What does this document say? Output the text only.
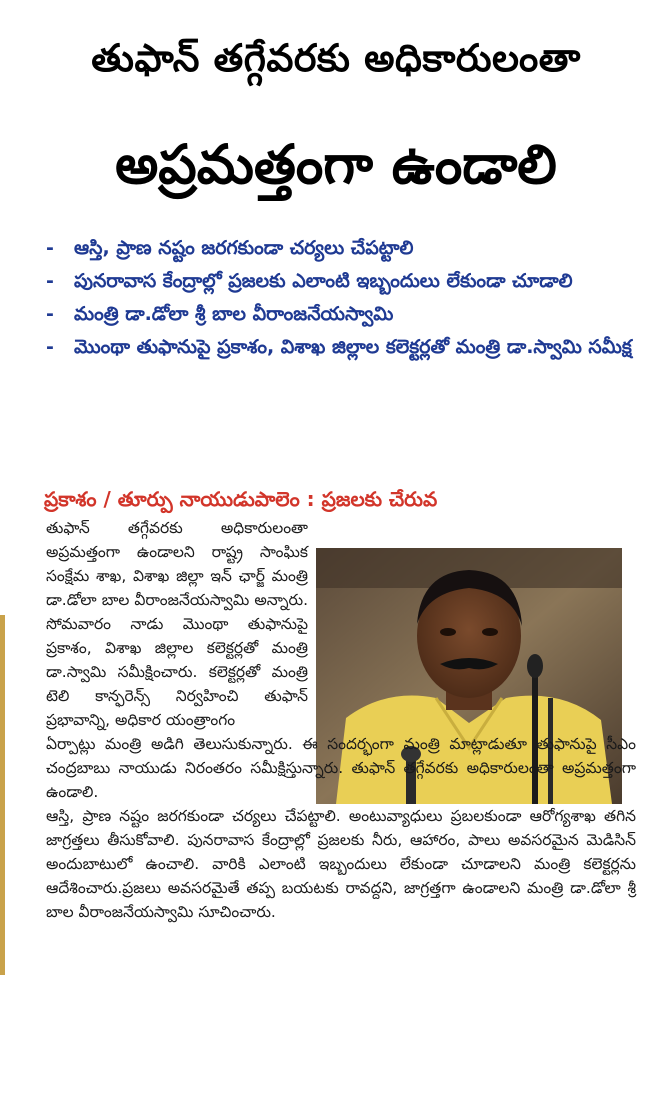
తుఫాన్ తగ్గేవరకు అధికారులంతా
అప్రమత్తంగా ఉండాలి
- ఆస్తి, ప్రాణ నష్టం జరగకుండా చర్యలు చేపట్టాలి
- పునరావాస కేంద్రాల్లో ప్రజలకు ఎలాంటి ఇబ్బందులు లేకుండా చూడాలి
- మంత్రి డా.డోలా శ్రీ బాల వీరాంజనేయస్వామి
- మొంథా తుఫానుపై ప్రకాశం, విశాఖ జిల్లాల కలెక్టర్లతో మంత్రి డా.స్వామి సమీక్ష
ప్రకాశం / తూర్పు నాయుడుపాలెం : ప్రజలకు చేరువ

తుఫాన్ తగ్గేవరకు అధికారులంతా అప్రమత్తంగా ఉండాలని రాష్ట్ర సాంఘిక సంక్షేమ శాఖ, విశాఖ జిల్లా ఇన్ ఛార్జ్ మంత్రి డా.డోలా బాల వీరాంజనేయస్వామి అన్నారు. సోమవారం నాడు మొంథా తుఫానుపై ప్రకాశం, విశాఖ జిల్లాల కలెక్టర్లతో మంత్రి డా.స్వామి సమీక్షించారు. కలెక్టర్లతో మంత్రి టెలి కాన్ఫరెన్స్ నిర్వహించి తుఫాన్ ప్రభావాన్ని, అధికార యంత్రాంగం

ఏర్పాట్లు మంత్రి అడిగి తెలుసుకున్నారు. ఈ సందర్భంగా మంత్రి మాట్లాడుతూ తుఫానుపై సీఎం చంద్రబాబు నాయుడు నిరంతరం సమీక్షిస్తున్నారు. తుఫాన్ తగ్గేవరకు అధికారులంతా అప్రమత్తంగా ఉండాలి.

ఆస్తి, ప్రాణ నష్టం జరగకుండా చర్యలు చేపట్టాలి. అంటువ్యాధులు ప్రబలకుండా ఆరోగ్యశాఖ తగిన జాగ్రత్తలు తీసుకోవాలి. పునరావాస కేంద్రాల్లో ప్రజలకు నీరు, ఆహారం, పాలు అవసరమైన మెడిసిన్ అందుబాటులో ఉంచాలి. వారికి ఎలాంటి ఇబ్బందులు లేకుండా చూడాలని మంత్రి కలెక్టర్లను ఆదేశించారు.ప్రజలు అవసరమైతే తప్ప బయటకు రావద్దని, జాగ్రత్తగా ఉండాలని మంత్రి డా.డోలా శ్రీ బాల వీరాంజనేయస్వామి సూచించారు.
